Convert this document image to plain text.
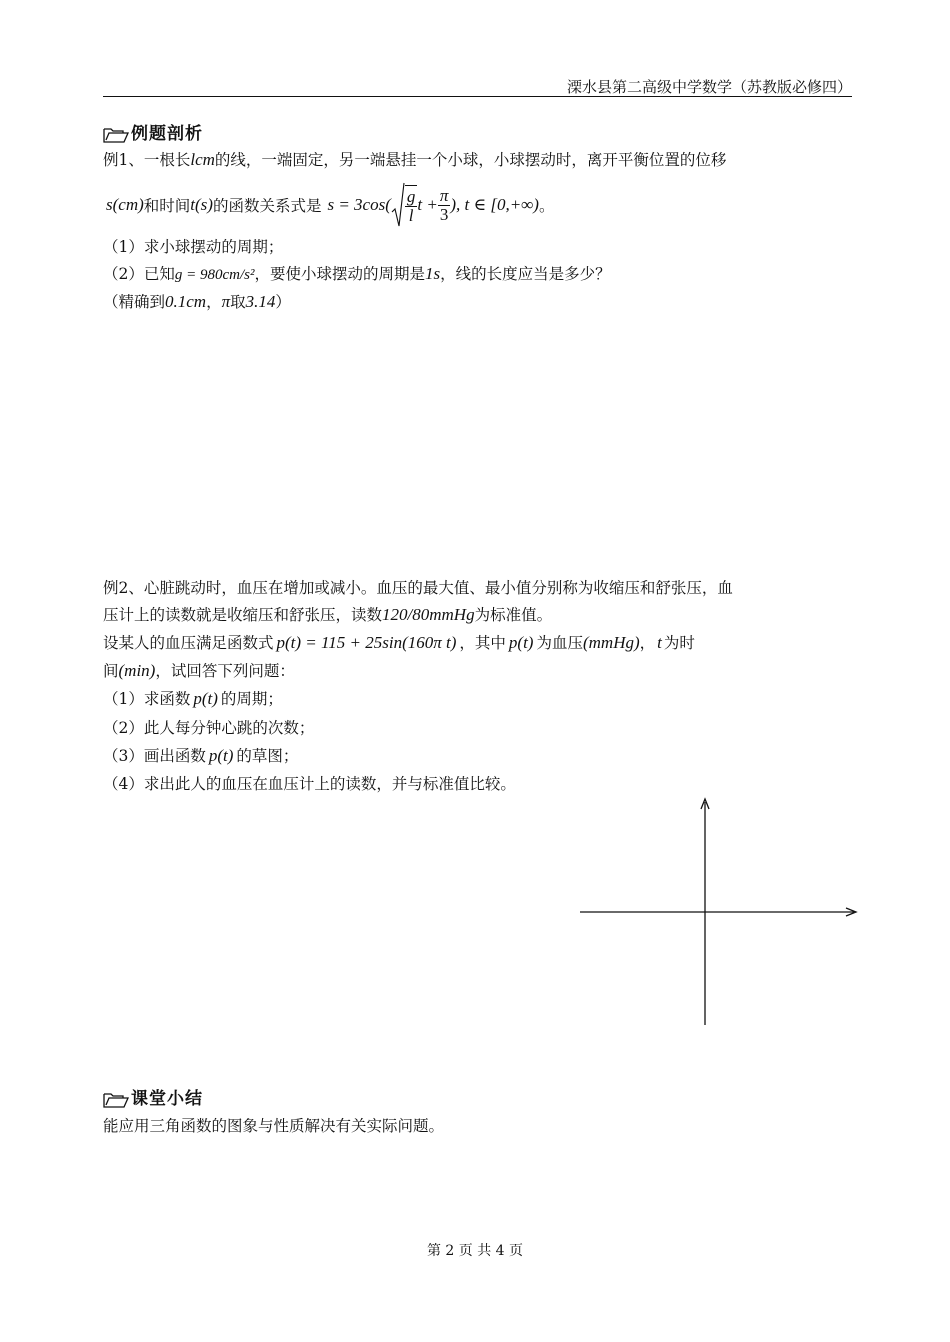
溧水县第二高级中学数学（苏教版必修四）
例题剖析
例1、一根长lcm的线，一端固定，另一端悬挂一个小球，小球摆动时，离开平衡位置的位移
s(cm) 和时间 t(s) 的函数关系式是 $s = 3\cos( \frac{g}{l}$ $t + \frac{\pi}{3}$ ), t ∈ [0,+∞) 。
（1）求小球摆动的周期；
（2）已知g = 980cm/s²，要使小球摆动的周期是1s，线的长度应当是多少？
（精确到0.1cm，π取3.14）
例2、心脏跳动时，血压在增加或减小。血压的最大值、最小值分别称为收缩压和舒张压，血
压计上的读数就是收缩压和舒张压，读数120/80mmHg为标准值。
设某人的血压满足函数式 p(t) = 115 + 25sin(160π t) ，其中 p(t) 为血压(mmHg)， t 为时
间(min)，试回答下列问题：
（1）求函数 p(t) 的周期；
（2）此人每分钟心跳的次数；
（3）画出函数 p(t) 的草图；
（4）求出此人的血压在血压计上的读数，并与标准值比较。
课堂小结
能应用三角函数的图象与性质解决有关实际问题。
第 2 页 共 4 页
